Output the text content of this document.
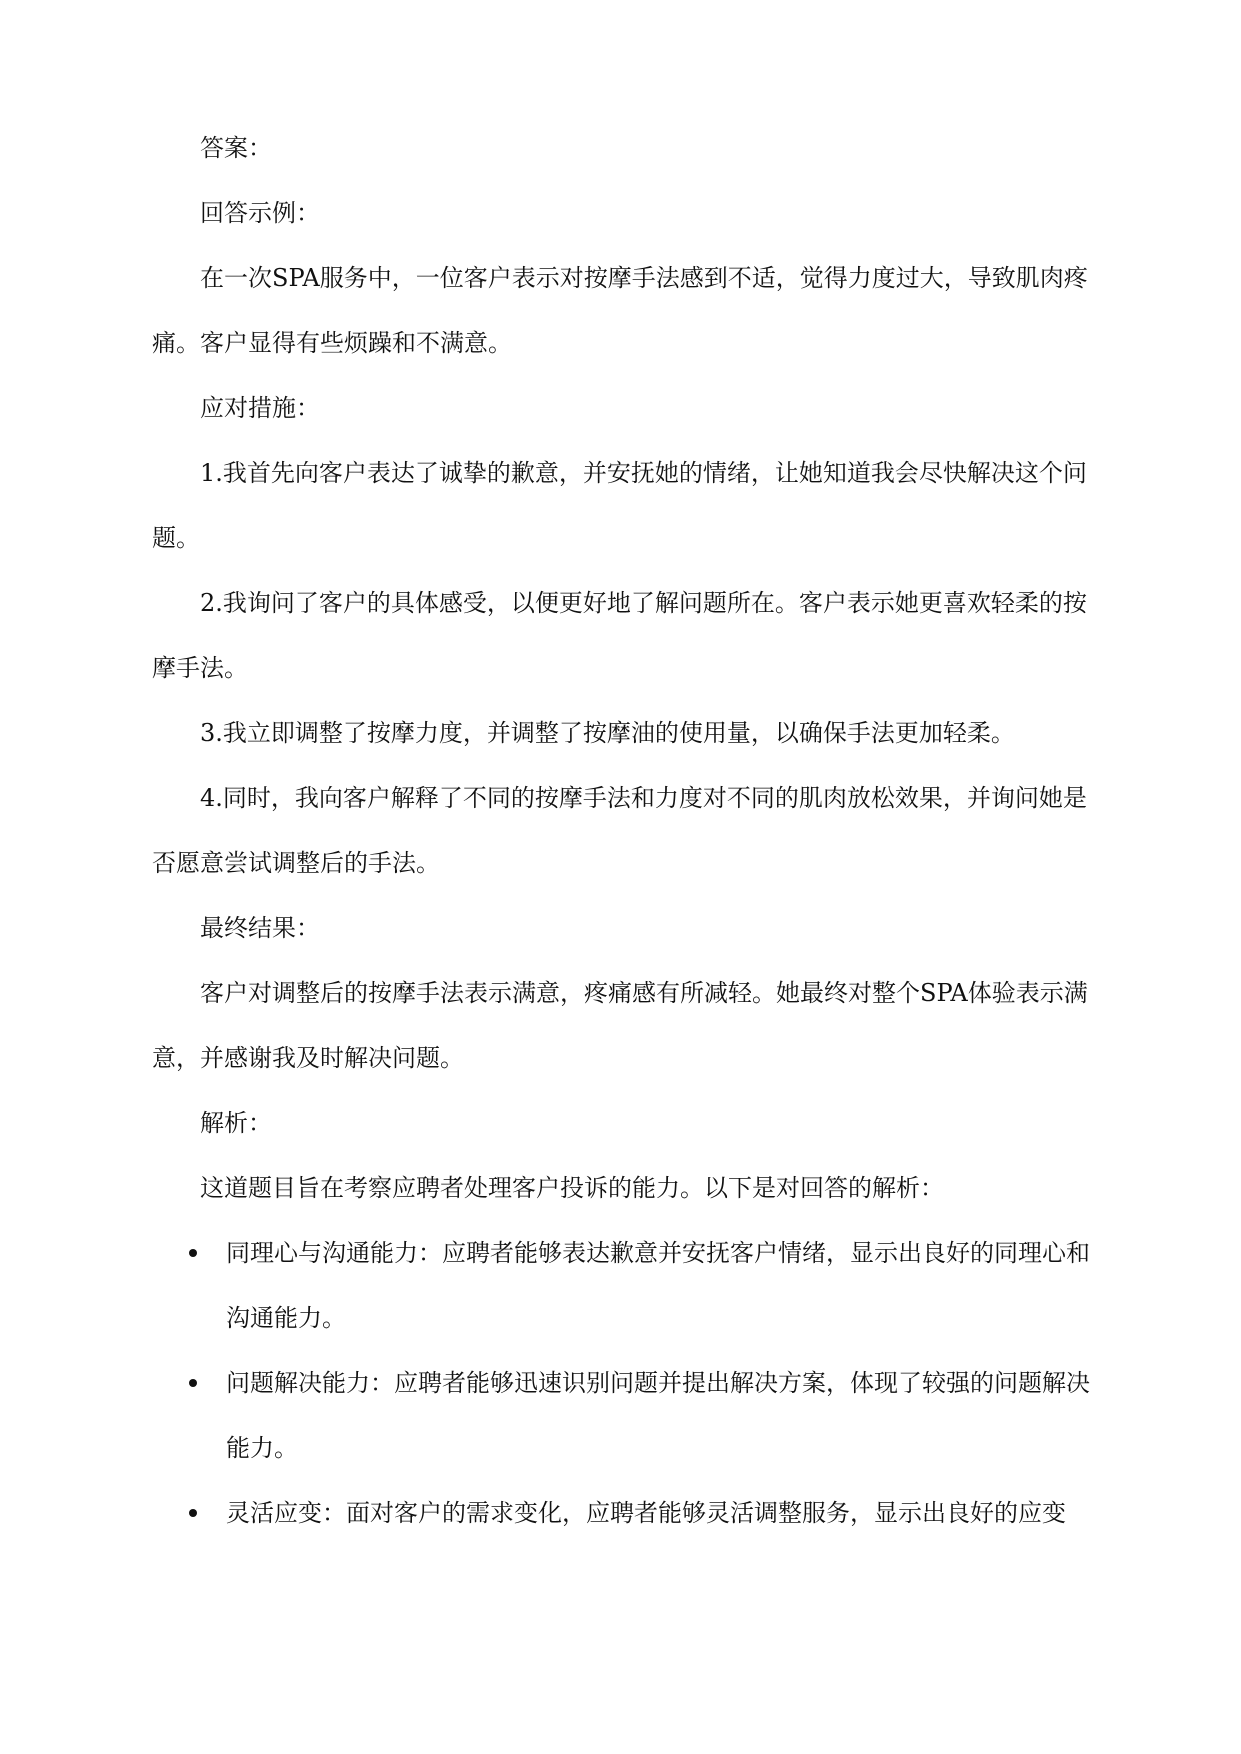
答案：

回答示例：

在一次SPA服务中，一位客户表示对按摩手法感到不适，觉得力度过大，导致肌肉疼痛。客户显得有些烦躁和不满意。

应对措施：

1.我首先向客户表达了诚挚的歉意，并安抚她的情绪，让她知道我会尽快解决这个问题。

2.我询问了客户的具体感受，以便更好地了解问题所在。客户表示她更喜欢轻柔的按摩手法。

3.我立即调整了按摩力度，并调整了按摩油的使用量，以确保手法更加轻柔。

4.同时，我向客户解释了不同的按摩手法和力度对不同的肌肉放松效果，并询问她是否愿意尝试调整后的手法。

最终结果：

客户对调整后的按摩手法表示满意，疼痛感有所减轻。她最终对整个SPA体验表示满意，并感谢我及时解决问题。

解析：

这道题目旨在考察应聘者处理客户投诉的能力。以下是对回答的解析：

同理心与沟通能力：应聘者能够表达歉意并安抚客户情绪，显示出良好的同理心和沟通能力。

问题解决能力：应聘者能够迅速识别问题并提出解决方案，体现了较强的问题解决能力。

灵活应变：面对客户的需求变化，应聘者能够灵活调整服务，显示出良好的应变
